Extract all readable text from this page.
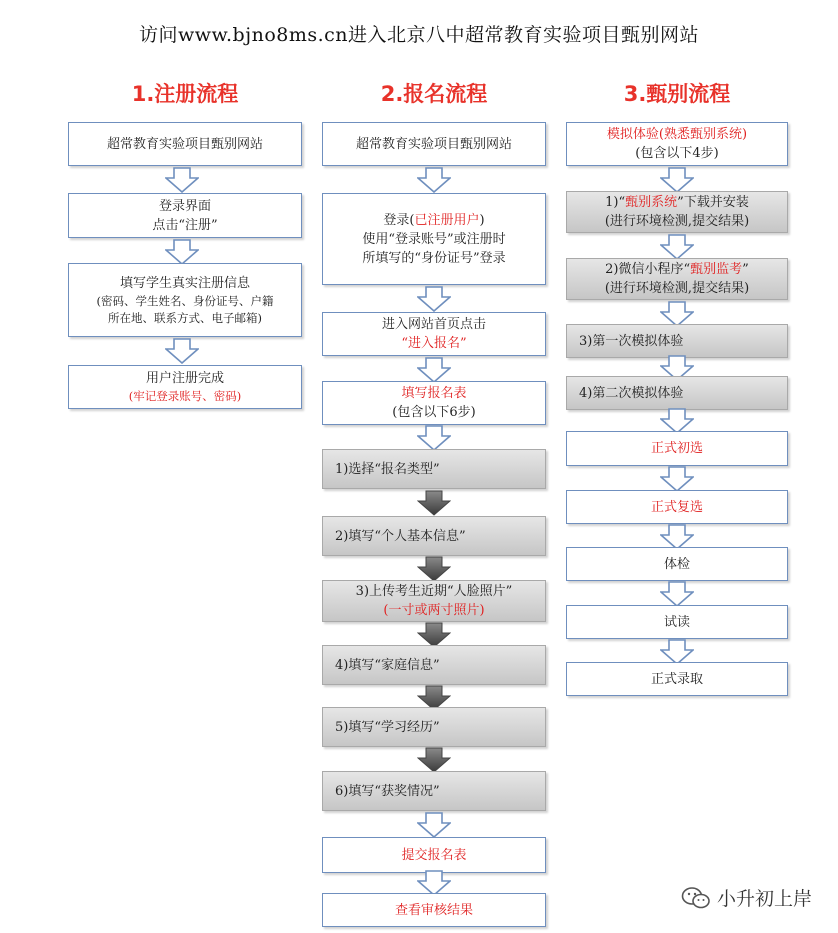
访问www.bjno8ms.cn进入北京八中超常教育实验项目甄别网站
1.注册流程
超常教育实验项目甄别网站
登录界面
点击“注册”
填写学生真实注册信息
(密码、学生姓名、身份证号、户籍
所在地、联系方式、电子邮箱)
用户注册完成
(牢记登录账号、密码)
2.报名流程
超常教育实验项目甄别网站
登录(已注册用户)
使用“登录账号”或注册时
所填写的“身份证号”登录
进入网站首页点击
“进入报名”
填写报名表
(包含以下6步)
1)选择“报名类型”
2)填写“个人基本信息”
3)上传考生近期“人脸照片”
(一寸或两寸照片)
4)填写“家庭信息”
5)填写“学习经历”
6)填写“获奖情况”
提交报名表
查看审核结果
3.甄别流程
模拟体验(熟悉甄别系统)
(包含以下4步)
1)“甄别系统”下载并安装
(进行环境检测,提交结果)
2)微信小程序“甄别监考”
(进行环境检测,提交结果)
3)第一次模拟体验
4)第二次模拟体验
正式初选
正式复选
体检
试读
正式录取
小升初上岸
